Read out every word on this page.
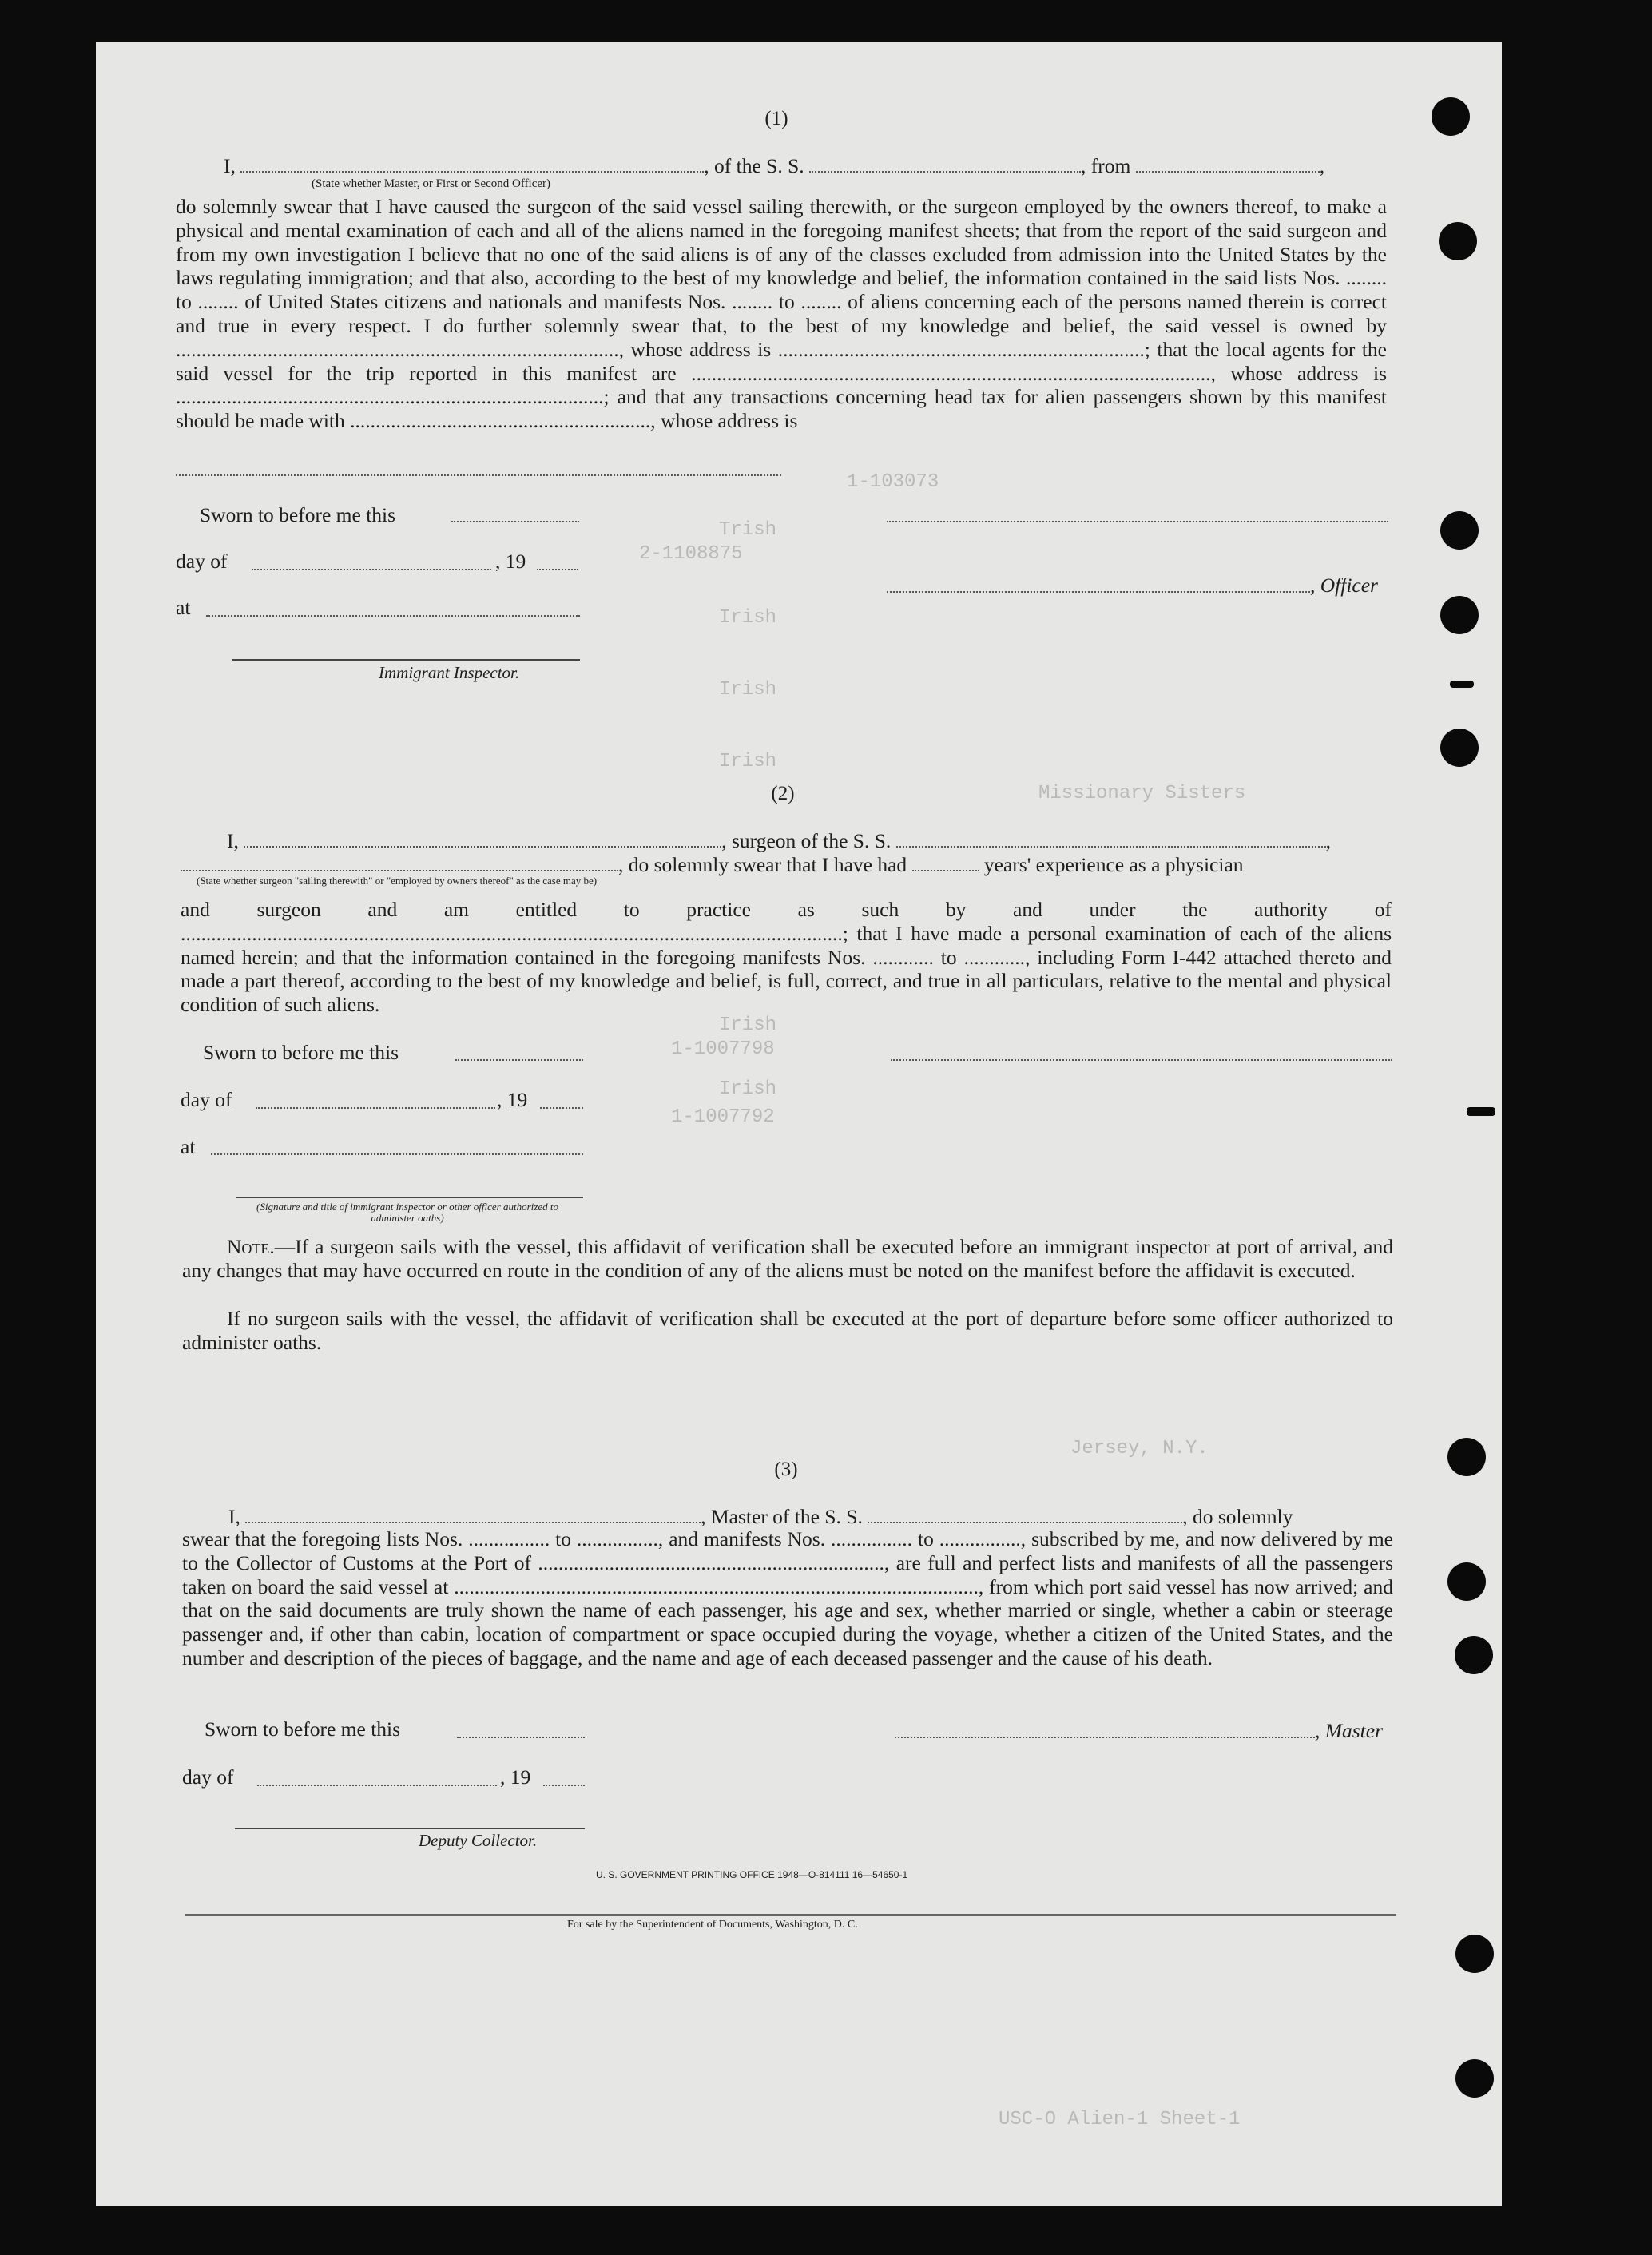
1-103073
Trish
2-1108875
Irish
Irish
Irish
Missionary Sisters
Irish
1-1007798
Irish
1-1007792
Jersey, N.Y.
USC-O Alien-1 Sheet-1
(1)
I,	, of the S. S.	, from	,
(State whether Master, or First or Second Officer)
do solemnly swear that I have caused the surgeon of the said vessel sailing therewith, or the surgeon employed by the owners thereof, to make a physical and mental examination of each and all of the aliens named in the foregoing manifest sheets; that from the report of the said surgeon and from my own investigation I believe that no one of the said aliens is of any of the classes excluded from admission into the United States by the laws regulating immigration; and that also, according to the best of my knowledge and belief, the information contained in the said lists Nos. ........ to ........ of United States citizens and nationals and manifests Nos. ........ to ........ of aliens concerning each of the persons named therein is correct and true in every respect. I do further solemnly swear that, to the best of my knowledge and belief, the said vessel is owned by ......................................................................................., whose address is ........................................................................; that the local agents for the said vessel for the trip reported in this manifest are ......................................................................................................, whose address is ....................................................................................; and that any transactions concerning head tax for alien passengers shown by this manifest should be made with ..........................................................., whose address is
Sworn to before me this
day of	, 19
, Officer
at
Immigrant Inspector.
(2)
I,	, surgeon of the S. S.	,
, do solemnly swear that I have had	years' experience as a physician
(State whether surgeon "sailing therewith" or "employed by owners thereof" as the case may be)
and surgeon and am entitled to practice as such by and under the authority of ..................................................................................................................................; that I have made a personal examination of each of the aliens named herein; and that the information contained in the foregoing manifests Nos. ............ to ............, including Form I-442 attached thereto and made a part thereof, according to the best of my knowledge and belief, is full, correct, and true in all particulars, relative to the mental and physical condition of such aliens.
Sworn to before me this
day of	, 19
at
(Signature and title of immigrant inspector or other officer authorized to administer oaths)
Note.—If a surgeon sails with the vessel, this affidavit of verification shall be executed before an immigrant inspector at port of arrival, and any changes that may have occurred en route in the condition of any of the aliens must be noted on the manifest before the affidavit is executed.
If no surgeon sails with the vessel, the affidavit of verification shall be executed at the port of departure before some officer authorized to administer oaths.
(3)
I,	, Master of the S. S.	, do solemnly
swear that the foregoing lists Nos. ................ to ................, and manifests Nos. ................ to ................, subscribed by me, and now delivered by me to the Collector of Customs at the Port of ...................................................................., are full and perfect lists and manifests of all the passengers taken on board the said vessel at ......................................................................................................., from which port said vessel has now arrived; and that on the said documents are truly shown the name of each passenger, his age and sex, whether married or single, whether a cabin or steerage passenger and, if other than cabin, location of compartment or space occupied during the voyage, whether a citizen of the United States, and the number and description of the pieces of baggage, and the name and age of each deceased passenger and the cause of his death.
Sworn to before me this	, Master
day of	, 19
Deputy Collector.
U. S. GOVERNMENT PRINTING OFFICE 1948—O-814111 16—54650-1
For sale by the Superintendent of Documents, Washington, D. C.
